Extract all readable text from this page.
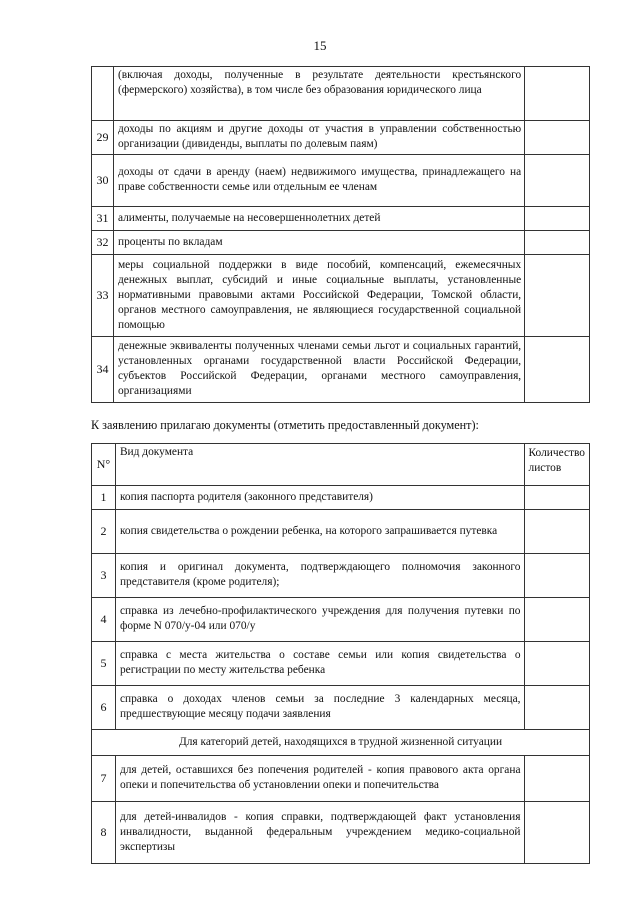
15
	(включая доходы, полученные в результате деятельности крестьянского (фермерского) хозяйства), в том числе без образования юридического лица	
29	доходы по акциям и другие доходы от участия в управлении собственностью организации (дивиденды, выплаты по долевым паям)	
30	доходы от сдачи в аренду (наем) недвижимого имущества, принадлежащего на праве собственности семье или отдельным ее членам	
31	алименты, получаемые на несовершеннолетних детей	
32	проценты по вкладам	
33	меры социальной поддержки в виде пособий, компенсаций, ежемесячных денежных выплат, субсидий и иные социальные выплаты, установленные нормативными правовыми актами Российской Федерации, Томской области, органов местного самоуправления, не являющиеся государственной социальной помощью	
34	денежные эквиваленты полученных членами семьи льгот и социальных гарантий, установленных органами государственной власти Российской Федерации, субъектов Российской Федерации, органами местного самоуправления, организациями	
К заявлению прилагаю документы (отметить предоставленный документ):
N°	Вид документа	Количество листов
1	копия паспорта родителя (законного представителя)	
2	копия свидетельства о рождении ребенка, на которого запрашивается путевка	
3	копия и оригинал документа, подтверждающего полномочия законного представителя (кроме родителя);	
4	справка из лечебно-профилактического учреждения для получения путевки по форме N 070/у-04 или 070/у	
5	справка с места жительства о составе семьи или копия свидетельства о регистрации по месту жительства ребенка	
6	справка о доходах членов семьи за последние 3 календарных месяца, предшествующие месяцу подачи заявления	
Для категорий детей, находящихся в трудной жизненной ситуации		
7	для детей, оставшихся без попечения родителей - копия правового акта органа опеки и попечительства об установлении опеки и попечительства	
8	для детей-инвалидов - копия справки, подтверждающей факт установления инвалидности, выданной федеральным учреждением медико-социальной экспертизы	
